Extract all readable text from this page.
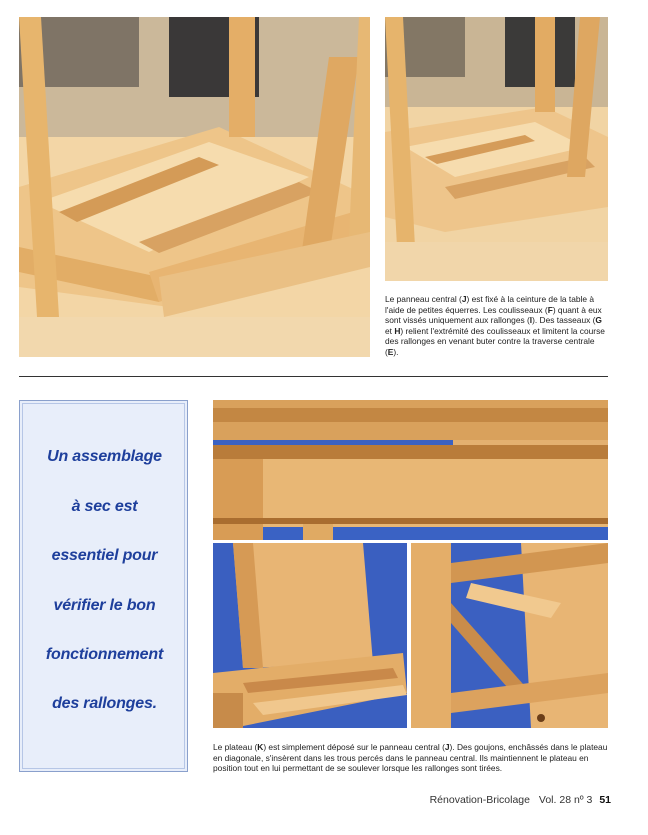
Le panneau central (J) est fixé à la ceinture de la table à l'aide de petites équerres. Les coulisseaux (F) quant à eux sont vissés uniquement aux rallonges (I). Des tasseaux (G et H) relient l'extrémité des coulisseaux et limitent la course des rallonges en venant buter contre la traverse centrale (E).

Un assemblage
à sec est
essentiel pour
vérifier le bon
fonctionnement
des rallonges.

Le plateau (K) est simplement déposé sur le panneau central (J). Des goujons, enchâssés dans le plateau en diagonale, s'insèrent dans les trous percés dans le panneau central. Ils maintiennent le plateau en position tout en lui permettant de se soulever lorsque les rallonges sont tirées.

Rénovation-Bricolage Vol. 28 nº 3 51
